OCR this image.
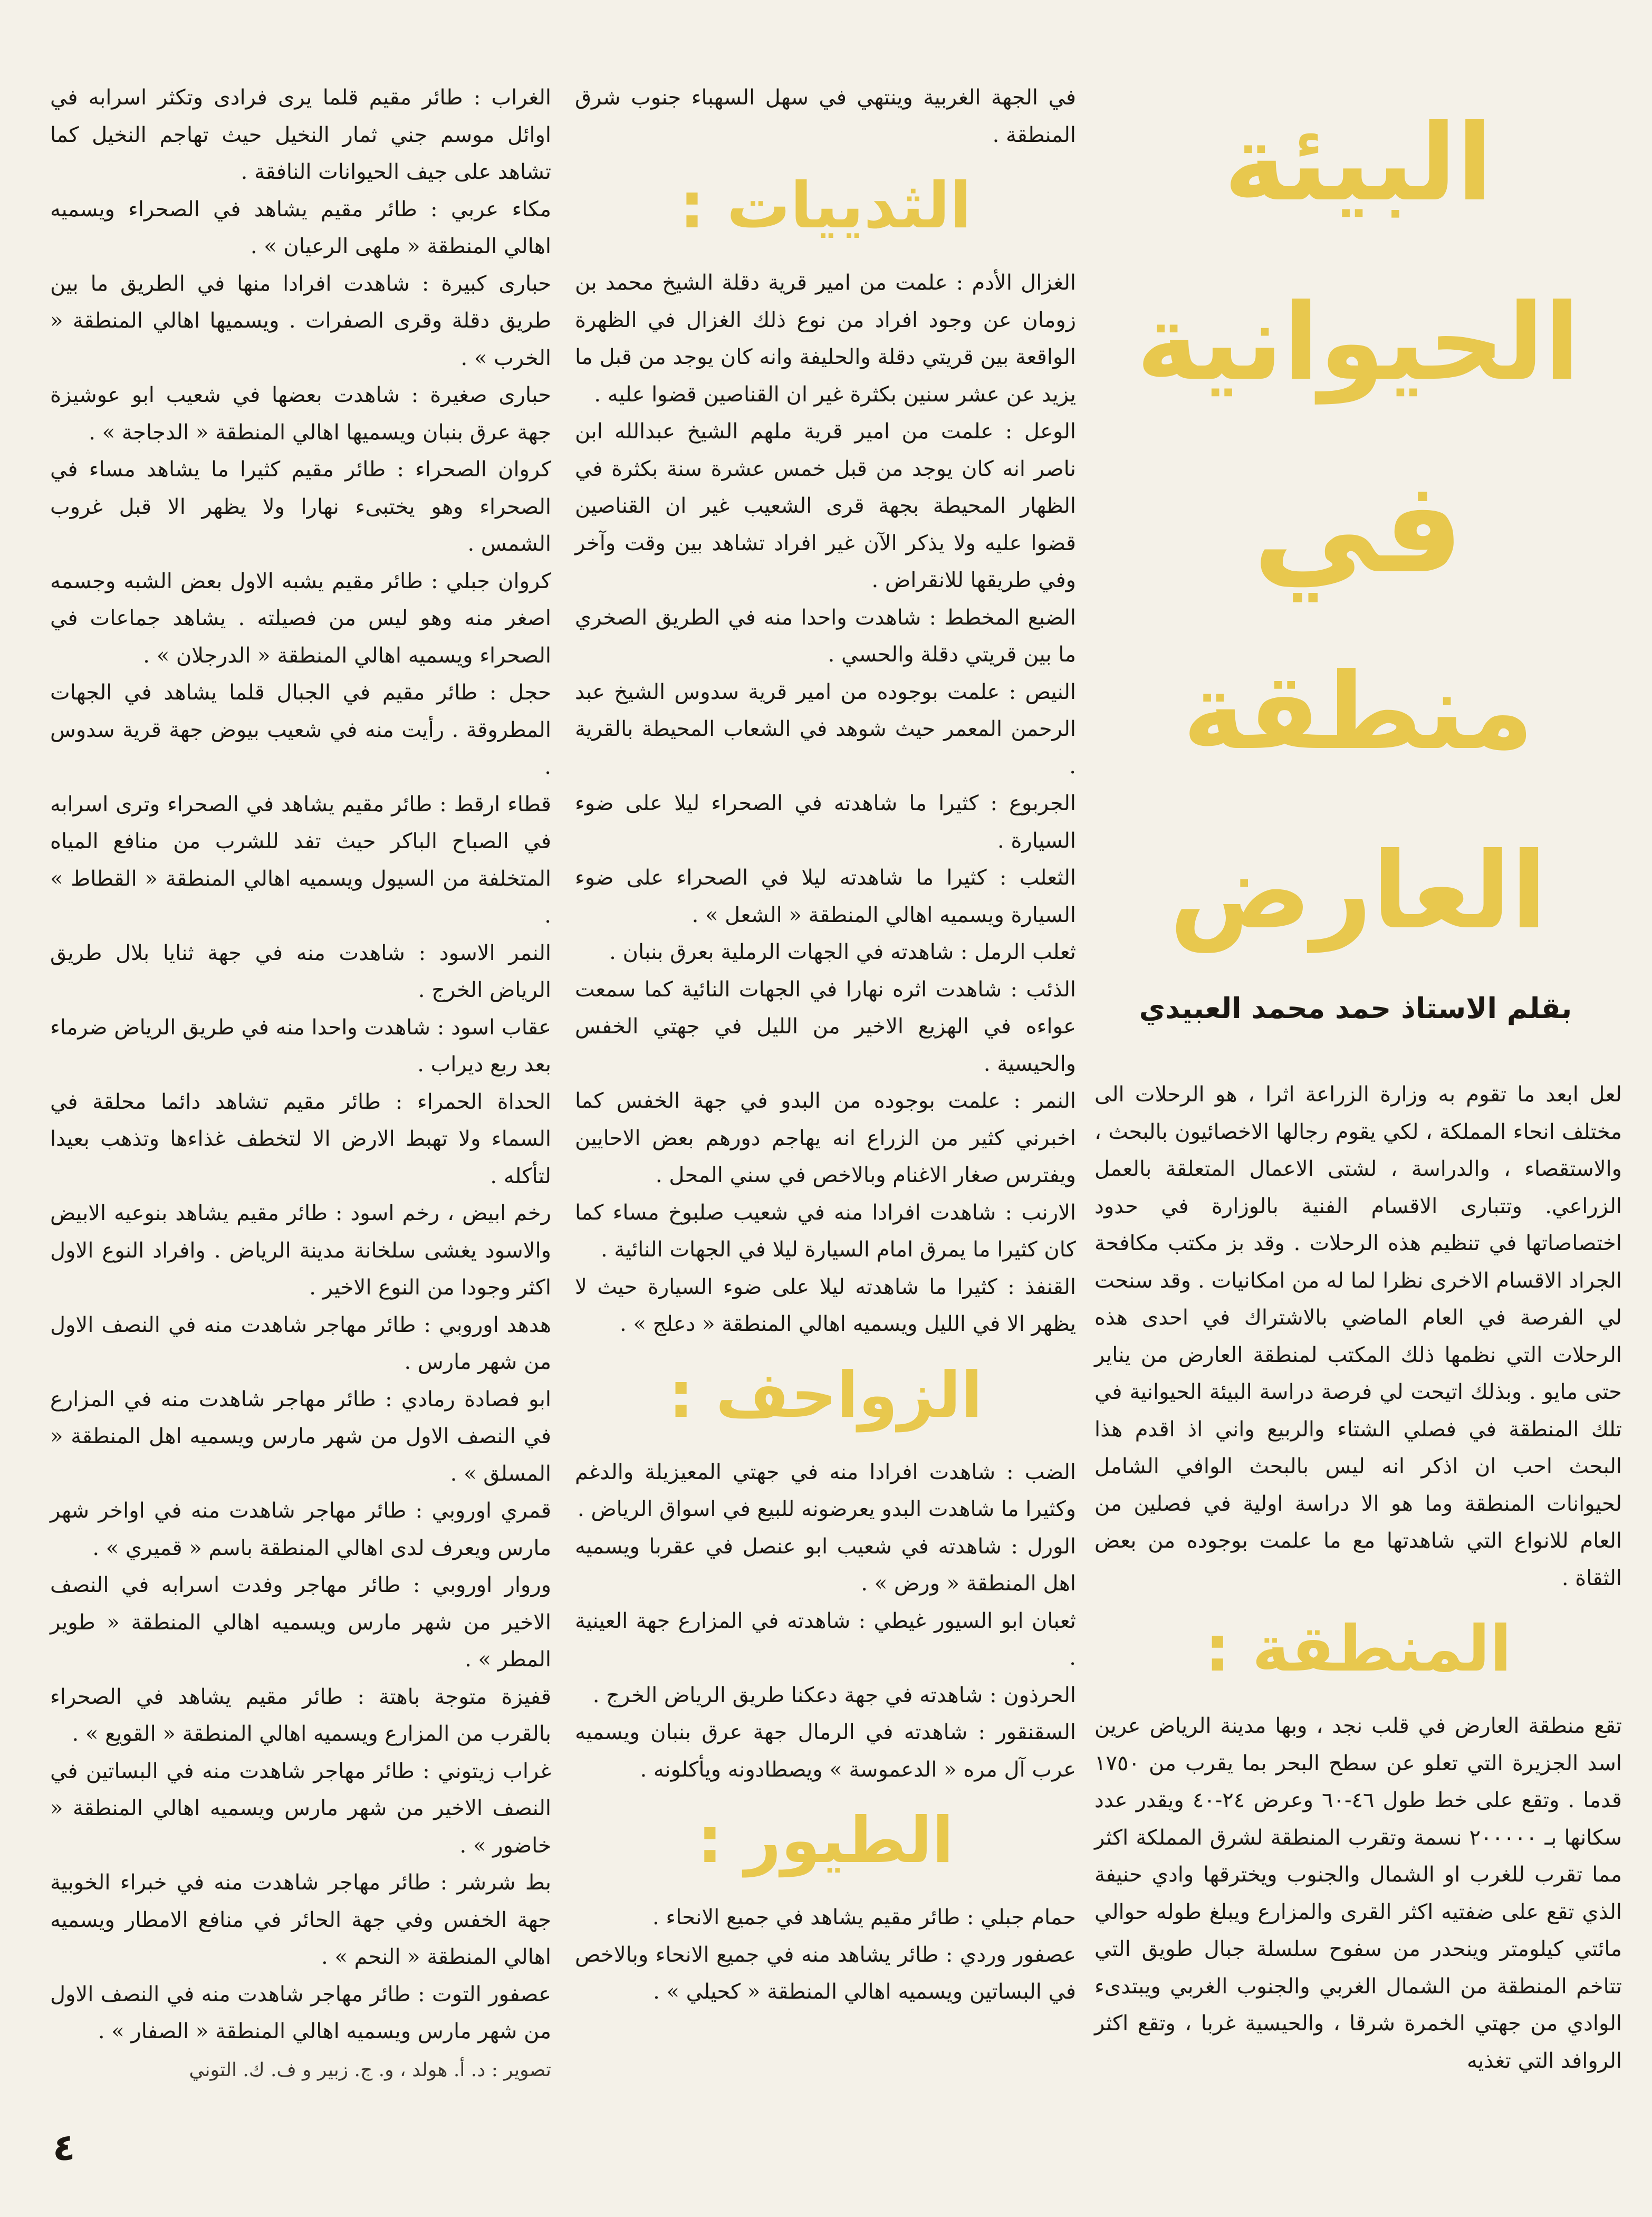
البيئة
الحيوانية
في
منطقة العارض
بقلم الاستاذ حمد محمد العبيدي

لعل ابعد ما تقوم به وزارة الزراعة اثرا ، هو الرحلات الى مختلف انحاء المملكة ، لكي يقوم رجالها الاخصائيون بالبحث ، والاستقصاء ، والدراسة ، لشتى الاعمال المتعلقة بالعمل الزراعي. وتتبارى الاقسام الفنية بالوزارة في حدود اختصاصاتها في تنظيم هذه الرحلات . وقد بز مكتب مكافحة الجراد الاقسام الاخرى نظرا لما له من امكانيات . وقد سنحت لي الفرصة في العام الماضي بالاشتراك في احدى هذه الرحلات التي نظمها ذلك المكتب لمنطقة العارض من يناير حتى مايو . وبذلك اتيحت لي فرصة دراسة البيئة الحيوانية في تلك المنطقة في فصلي الشتاء والربيع واني اذ اقدم هذا البحث احب ان اذكر انه ليس بالبحث الوافي الشامل لحيوانات المنطقة وما هو الا دراسة اولية في فصلين من العام للانواع التي شاهدتها مع ما علمت بوجوده من بعض الثقاة .

المنطقة :

تقع منطقة العارض في قلب نجد ، وبها مدينة الرياض عرين اسد الجزيرة التي تعلو عن سطح البحر بما يقرب من ١٧٥٠ قدما . وتقع على خط طول ٤٦-٦٠ وعرض ٢٤-٤٠ ويقدر عدد سكانها بـ ٢٠٠٠٠٠ نسمة وتقرب المنطقة لشرق المملكة اكثر مما تقرب للغرب او الشمال والجنوب ويخترقها وادي حنيفة الذي تقع على ضفتيه اكثر القرى والمزارع ويبلغ طوله حوالي مائتي كيلومتر وينحدر من سفوح سلسلة جبال طويق التي تتاخم المنطقة من الشمال الغربي والجنوب الغربي ويبتدىء الوادي من جهتي الخمرة شرقا ، والحيسية غربا ، وتقع اكثر الروافد التي تغذيه

في الجهة الغربية وينتهي في سهل السهباء جنوب شرق المنطقة .

الثدييات :

الغزال الأدم : علمت من امير قرية دقلة الشيخ محمد بن زومان عن وجود افراد من نوع ذلك الغزال في الظهرة الواقعة بين قريتي دقلة والحليفة وانه كان يوجد من قبل ما يزيد عن عشر سنين بكثرة غير ان القناصين قضوا عليه .

الوعل : علمت من امير قرية ملهم الشيخ عبدالله ابن ناصر انه كان يوجد من قبل خمس عشرة سنة بكثرة في الظهار المحيطة بجهة قرى الشعيب غير ان القناصين قضوا عليه ولا يذكر الآن غير افراد تشاهد بين وقت وآخر وفي طريقها للانقراض .

الضبع المخطط : شاهدت واحدا منه في الطريق الصخري ما بين قريتي دقلة والحسي .

النيص : علمت بوجوده من امير قرية سدوس الشيخ عبد الرحمن المعمر حيث شوهد في الشعاب المحيطة بالقرية .

الجربوع : كثيرا ما شاهدته في الصحراء ليلا على ضوء السيارة .

الثعلب : كثيرا ما شاهدته ليلا في الصحراء على ضوء السيارة ويسميه اهالي المنطقة « الشعل » .

ثعلب الرمل : شاهدته في الجهات الرملية بعرق بنبان .

الذئب : شاهدت اثره نهارا في الجهات النائية كما سمعت عواءه في الهزيع الاخير من الليل في جهتي الخفس والحيسية .

النمر : علمت بوجوده من البدو في جهة الخفس كما اخبرني كثير من الزراع انه يهاجم دورهم بعض الاحايين ويفترس صغار الاغنام وبالاخص في سني المحل .

الارنب : شاهدت افرادا منه في شعيب صلبوخ مساء كما كان كثيرا ما يمرق امام السيارة ليلا في الجهات النائية .

القنفذ : كثيرا ما شاهدته ليلا على ضوء السيارة حيث لا يظهر الا في الليل ويسميه اهالي المنطقة « دعلج » .

الزواحف :

الضب : شاهدت افرادا منه في جهتي المعيزيلة والدغم وكثيرا ما شاهدت البدو يعرضونه للبيع في اسواق الرياض .

الورل : شاهدته في شعيب ابو عنصل في عقربا ويسميه اهل المنطقة « ورض » .

ثعبان ابو السيور غيطي : شاهدته في المزارع جهة العينية .

الحرذون : شاهدته في جهة دعكنا طريق الرياض الخرج .

السقنقور : شاهدته في الرمال جهة عرق بنبان ويسميه عرب آل مره « الدعموسة » ويصطادونه ويأكلونه .

الطيور :

حمام جبلي : طائر مقيم يشاهد في جميع الانحاء .

عصفور وردي : طائر يشاهد منه في جميع الانحاء وبالاخص في البساتين ويسميه اهالي المنطقة « كحيلي » .

الغراب : طائر مقيم قلما يرى فرادى وتكثر اسرابه في اوائل موسم جني ثمار النخيل حيث تهاجم النخيل كما تشاهد على جيف الحيوانات النافقة .

مكاء عربي : طائر مقيم يشاهد في الصحراء ويسميه اهالي المنطقة « ملهى الرعيان » .

حبارى كبيرة : شاهدت افرادا منها في الطريق ما بين طريق دقلة وقرى الصفرات . ويسميها اهالي المنطقة « الخرب » .

حبارى صغيرة : شاهدت بعضها في شعيب ابو عوشيزة جهة عرق بنبان ويسميها اهالي المنطقة « الدجاجة » .

كروان الصحراء : طائر مقيم كثيرا ما يشاهد مساء في الصحراء وهو يختبىء نهارا ولا يظهر الا قبل غروب الشمس .

كروان جبلي : طائر مقيم يشبه الاول بعض الشبه وجسمه اصغر منه وهو ليس من فصيلته . يشاهد جماعات في الصحراء ويسميه اهالي المنطقة « الدرجلان » .

حجل : طائر مقيم في الجبال قلما يشاهد في الجهات المطروقة . رأيت منه في شعيب بيوض جهة قرية سدوس .

قطاء ارقط : طائر مقيم يشاهد في الصحراء وترى اسرابه في الصباح الباكر حيث تفد للشرب من منافع المياه المتخلفة من السيول ويسميه اهالي المنطقة « القطاط » .

النمر الاسود : شاهدت منه في جهة ثنايا بلال طريق الرياض الخرج .

عقاب اسود : شاهدت واحدا منه في طريق الرياض ضرماء بعد ربع ديراب .

الحداة الحمراء : طائر مقيم تشاهد دائما محلقة في السماء ولا تهبط الارض الا لتخطف غذاءها وتذهب بعيدا لتأكله .

رخم ابيض ، رخم اسود : طائر مقيم يشاهد بنوعيه الابيض والاسود يغشى سلخانة مدينة الرياض . وافراد النوع الاول اكثر وجودا من النوع الاخير .

هدهد اوروبي : طائر مهاجر شاهدت منه في النصف الاول من شهر مارس .

ابو فصادة رمادي : طائر مهاجر شاهدت منه في المزارع في النصف الاول من شهر مارس ويسميه اهل المنطقة « المسلق » .

قمري اوروبي : طائر مهاجر شاهدت منه في اواخر شهر مارس ويعرف لدى اهالي المنطقة باسم « قميري » .

وروار اوروبي : طائر مهاجر وفدت اسرابه في النصف الاخير من شهر مارس ويسميه اهالي المنطقة « طوير المطر » .

قفيزة متوجة باهتة : طائر مقيم يشاهد في الصحراء بالقرب من المزارع ويسميه اهالي المنطقة « القويع » .

غراب زيتوني : طائر مهاجر شاهدت منه في البساتين في النصف الاخير من شهر مارس ويسميه اهالي المنطقة « خاضور » .

بط شرشر : طائر مهاجر شاهدت منه في خبراء الخوبية جهة الخفس وفي جهة الحائر في منافع الامطار ويسميه اهالي المنطقة « النحم » .

عصفور التوت : طائر مهاجر شاهدت منه في النصف الاول من شهر مارس ويسميه اهالي المنطقة « الصفار » .

تصوير : د. أ. هولد ، و. ج. زبير و ف. ك. التوني
٤
